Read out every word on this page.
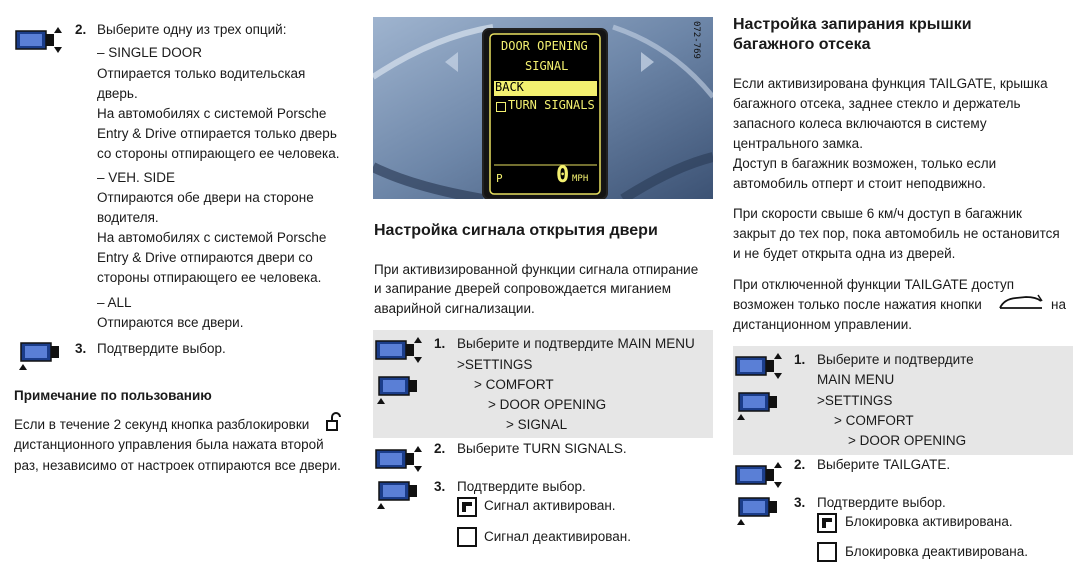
2. Выберите одну из трех опций:
– SINGLE DOOR
Отпирается только водительская
дверь.
На автомобилях с системой Porsche
Entry & Drive отпирается только дверь
со стороны отпирающего ее человека.
– VEH. SIDE
Отпираются обе двери на стороне
водителя.
На автомобилях с системой Porsche
Entry & Drive отпираются двери со
стороны отпирающего ее человека.
– ALL
Отпираются все двери.
3. Подтвердите выбор.
Примечание по пользованию
Если в течение 2 секунд кнопка разблокировки
дистанционного управления была нажата второй
раз, независимо от настроек отпираются все двери.
DOOR OPENING
SIGNAL
BACK
TURN SIGNALS
P 0 MPH
072-769
Настройка сигнала открытия двери
При активизированной функции сигнала отпирание
и запирание дверей сопровождается миганием
аварийной сигнализации.
1. Выберите и подтвердите MAIN MENU
>SETTINGS
> COMFORT
> DOOR OPENING
> SIGNAL
2. Выберите TURN SIGNALS.
3. Подтвердите выбор.
Сигнал активирован.
Сигнал деактивирован.
Настройка запирания крышки
багажного отсека
Если активизирована функция TAILGATE, крышка
багажного отсека, заднее стекло и держатель
запасного колеса включаются в систему
центрального замка.
Доступ в багажник возможен, только если
автомобиль отперт и стоит неподвижно.
При скорости свыше 6 км/ч доступ в багажник
закрыт до тех пор, пока автомобиль не остановится
и не будет открыта одна из дверей.
При отключенной функции TAILGATE доступ
возможен только после нажатия кнопки	на
дистанционном управлении.
1. Выберите и подтвердите
MAIN MENU
>SETTINGS
> COMFORT
> DOOR OPENING
2. Выберите TAILGATE.
3. Подтвердите выбор.
Блокировка активирована.
Блокировка деактивирована.
